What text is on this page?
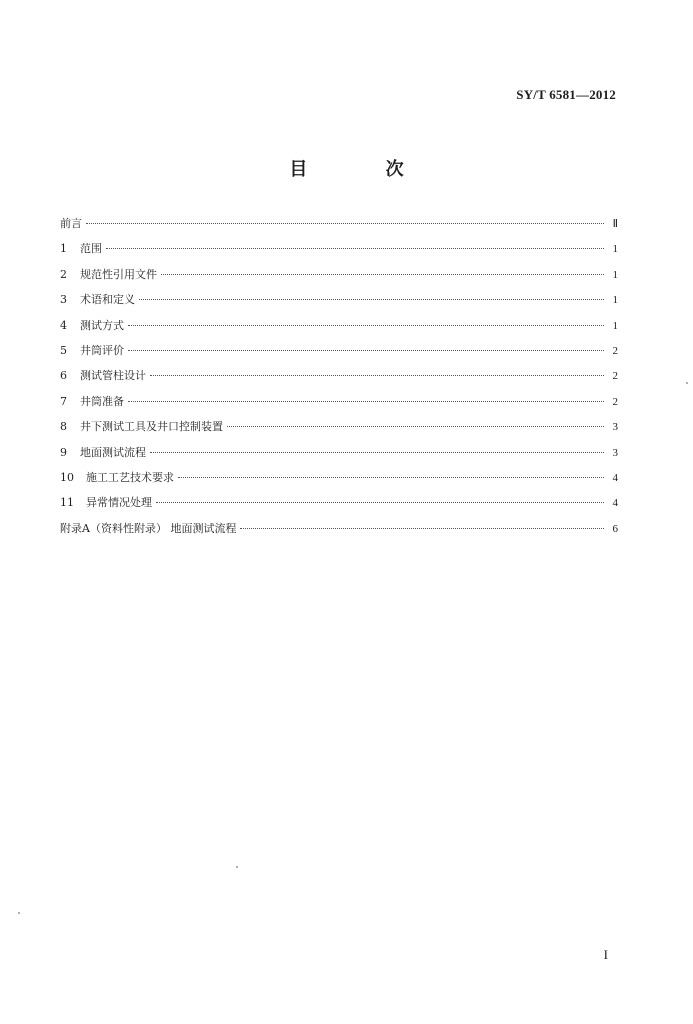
SY/T 6581—2012
目 次
前言	Ⅱ
1	范围	1
2	规范性引用文件	1
3	术语和定义	1
4	测试方式	1
5	井筒评价	2
6	测试管柱设计	2
7	井筒准备	2
8	井下测试工具及井口控制装置	3
9	地面测试流程	3
10	施工工艺技术要求	4
11	异常情况处理	4
附录A（资料性附录） 地面测试流程	6
I
